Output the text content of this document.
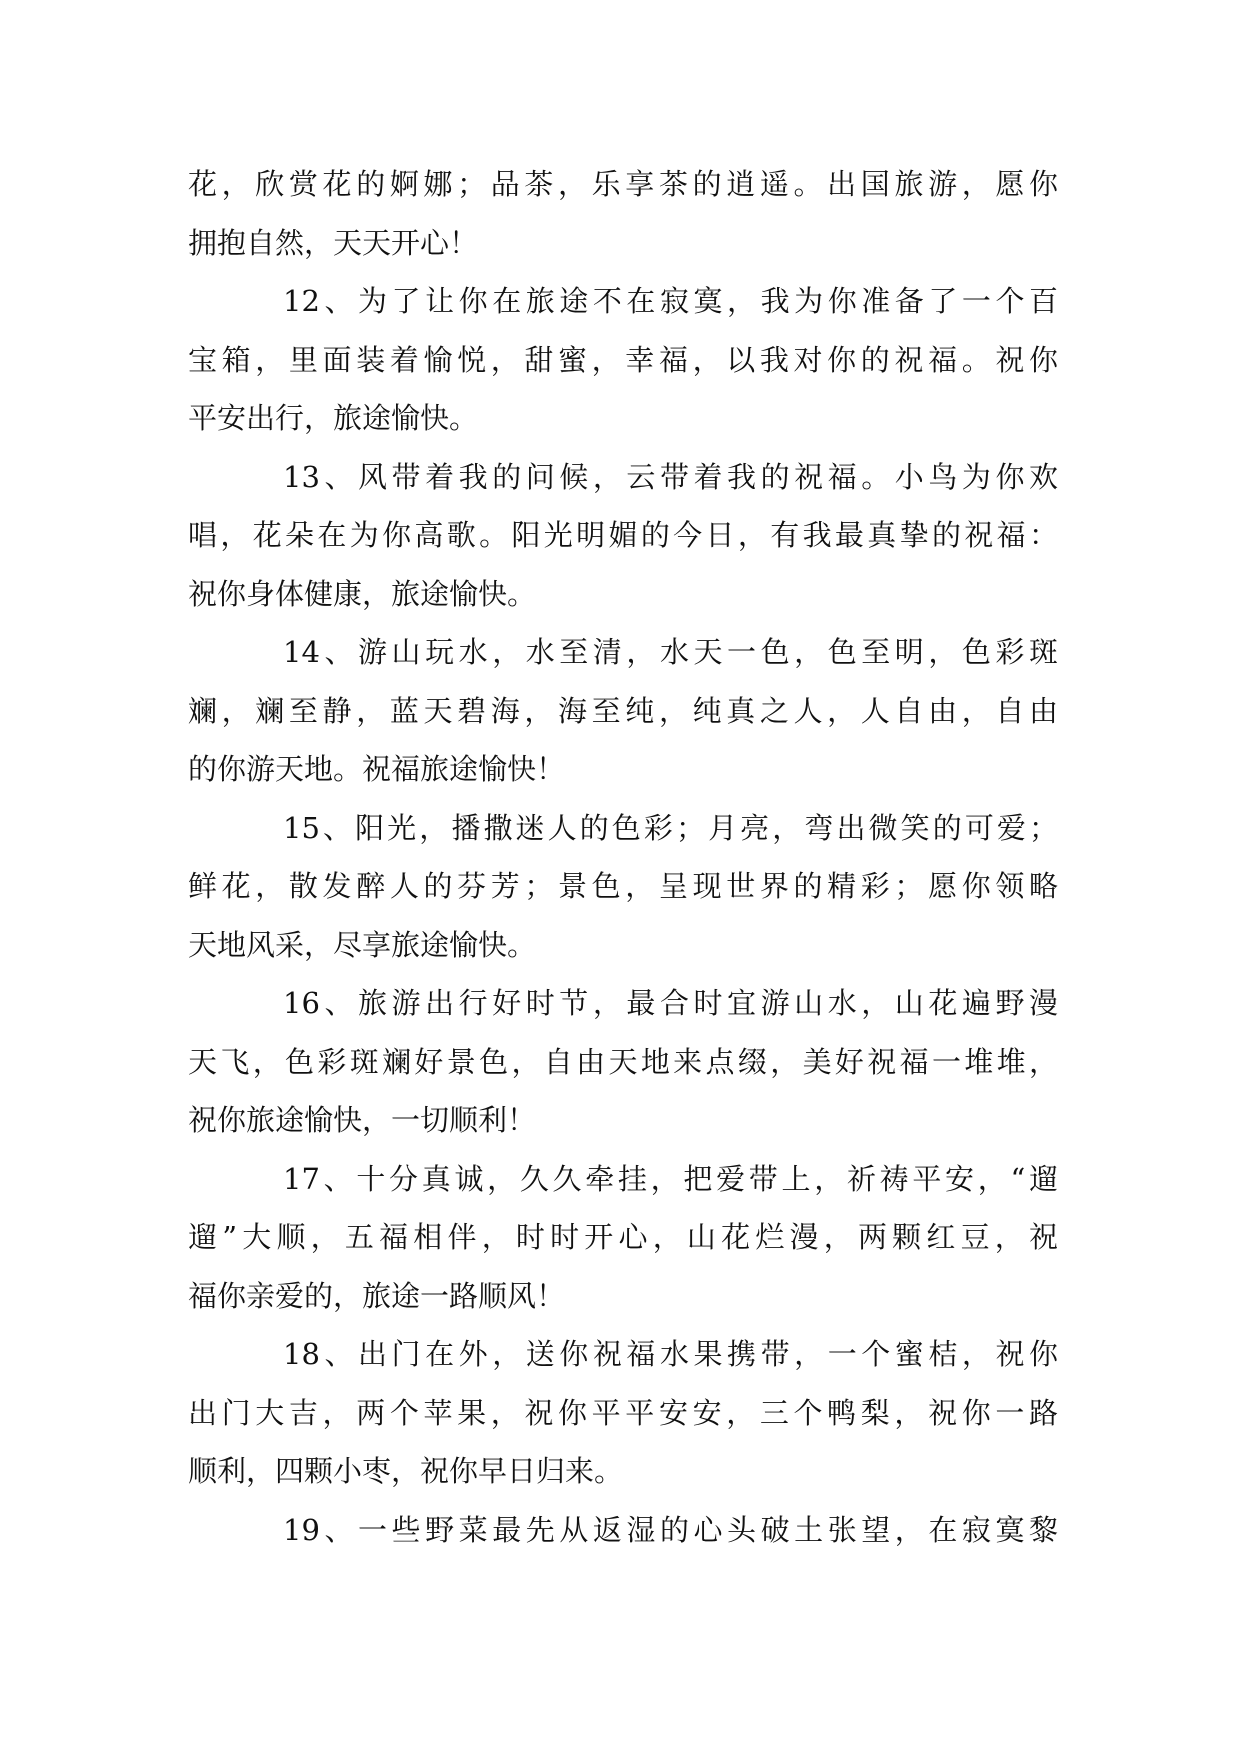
花，欣赏花的婀娜；品茶，乐享茶的逍遥。出国旅游，愿你
拥抱自然，天天开心！
12、为了让你在旅途不在寂寞，我为你准备了一个百
宝箱，里面装着愉悦，甜蜜，幸福，以我对你的祝福。祝你
平安出行，旅途愉快。
13、风带着我的问候，云带着我的祝福。小鸟为你欢
唱，花朵在为你高歌。阳光明媚的今日，有我最真挚的祝福：
祝你身体健康，旅途愉快。
14、游山玩水，水至清，水天一色，色至明，色彩斑
斓，斓至静，蓝天碧海，海至纯，纯真之人，人自由，自由
的你游天地。祝福旅途愉快！
15、阳光，播撒迷人的色彩；月亮，弯出微笑的可爱；
鲜花，散发醉人的芬芳；景色，呈现世界的精彩；愿你领略
天地风采，尽享旅途愉快。
16、旅游出行好时节，最合时宜游山水，山花遍野漫
天飞，色彩斑斓好景色，自由天地来点缀，美好祝福一堆堆，
祝你旅途愉快，一切顺利！
17、十分真诚，久久牵挂，把爱带上，祈祷平安，“遛
遛”大顺，五福相伴，时时开心，山花烂漫，两颗红豆，祝
福你亲爱的，旅途一路顺风！
18、出门在外，送你祝福水果携带，一个蜜桔，祝你
出门大吉，两个苹果，祝你平平安安，三个鸭梨，祝你一路
顺利，四颗小枣，祝你早日归来。
19、一些野菜最先从返湿的心头破土张望，在寂寞黎
